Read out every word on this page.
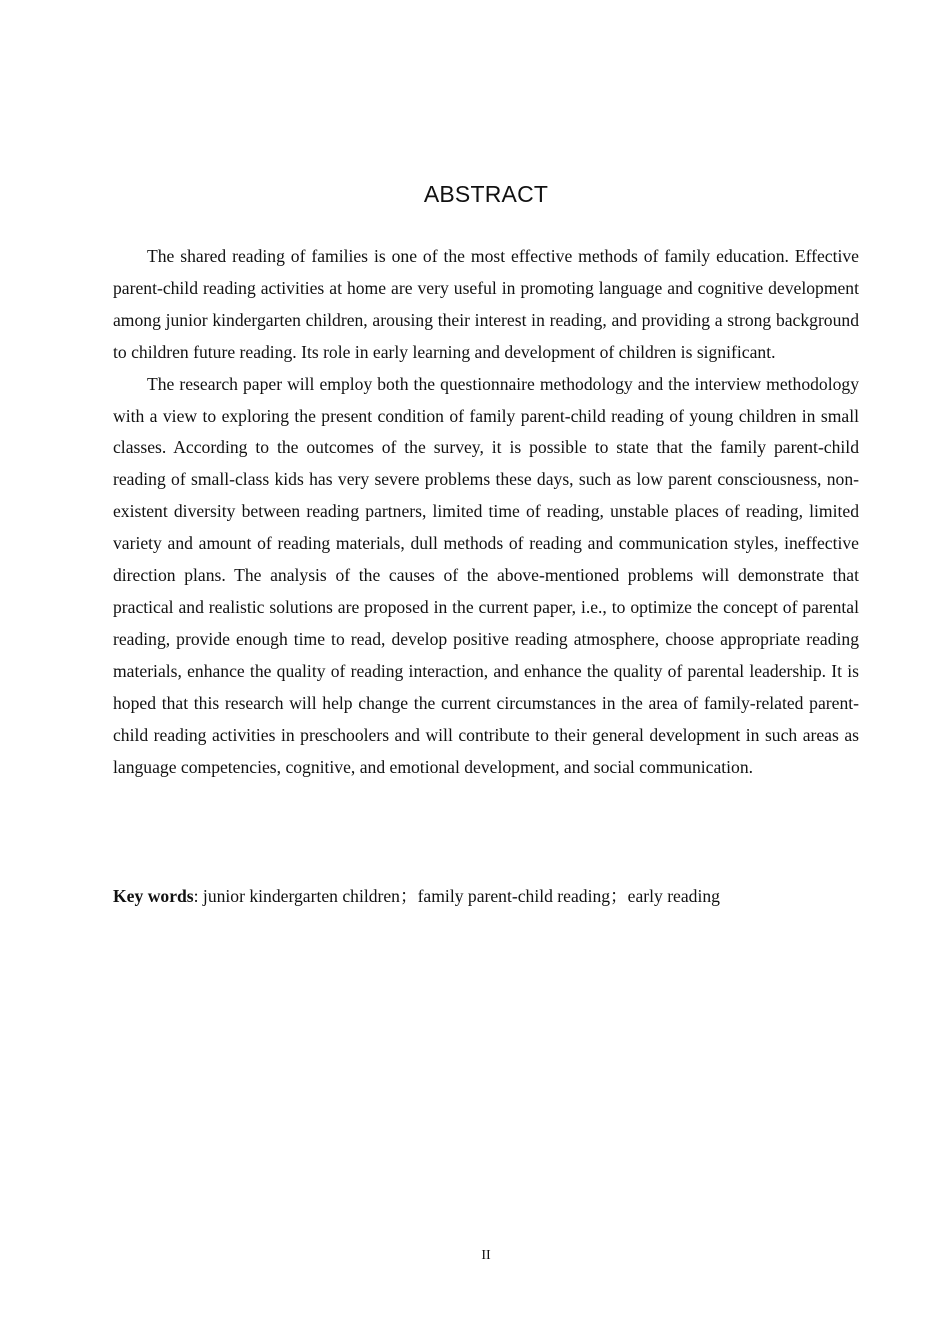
ABSTRACT

The shared reading of families is one of the most effective methods of family education. Effective parent-child reading activities at home are very useful in promoting language and cognitive development among junior kindergarten children, arousing their interest in reading, and providing a strong background to children future reading. Its role in early learning and development of children is significant.

The research paper will employ both the questionnaire methodology and the interview methodology with a view to exploring the present condition of family parent-child reading of young children in small classes. According to the outcomes of the survey, it is possible to state that the family parent-child reading of small-class kids has very severe problems these days, such as low parent consciousness, non-existent diversity between reading partners, limited time of reading, unstable places of reading, limited variety and amount of reading materials, dull methods of reading and communication styles, ineffective direction plans. The analysis of the causes of the above-mentioned problems will demonstrate that practical and realistic solutions are proposed in the current paper, i.e., to optimize the concept of parental reading, provide enough time to read, develop positive reading atmosphere, choose appropriate reading materials, enhance the quality of reading interaction, and enhance the quality of parental leadership. It is hoped that this research will help change the current circumstances in the area of family-related parent-child reading activities in preschoolers and will contribute to their general development in such areas as language competencies, cognitive, and emotional development, and social communication.

Key words: junior kindergarten children；family parent-child reading；early reading
II
